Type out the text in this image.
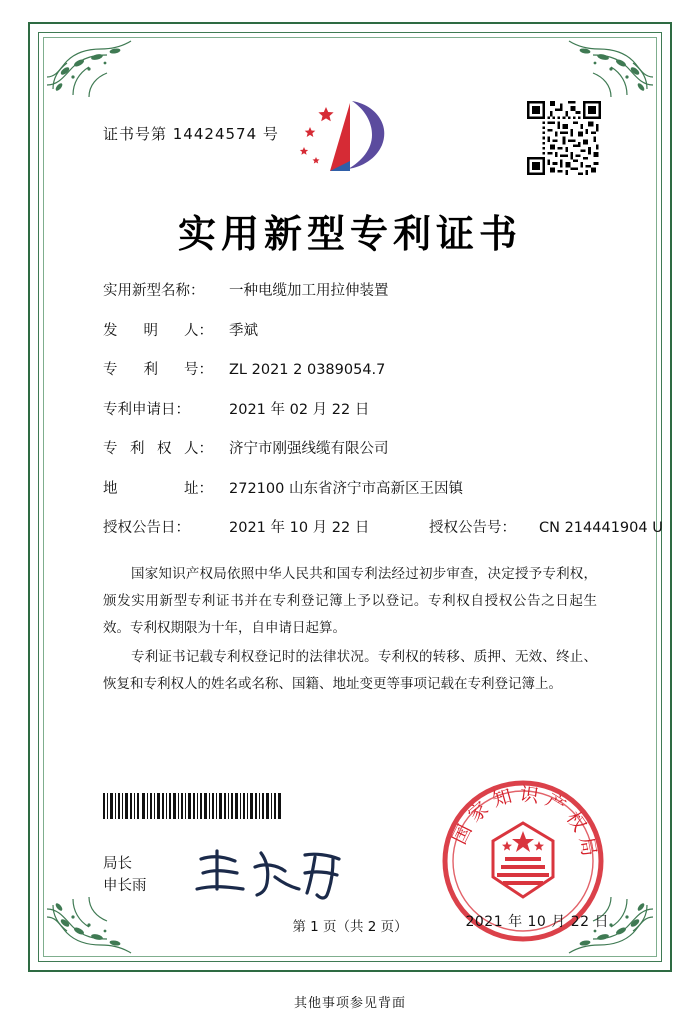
证书号第 14424574 号
实用新型专利证书
实用新型名称：	一种电缆加工用拉伸装置
发 明 人： 季斌
专 利 号： ZL 2021 2 0389054.7
专利申请日：	2021 年 02 月 22 日
专 利 权 人： 济宁市刚强线缆有限公司
地	址： 272100 山东省济宁市高新区王因镇
授权公告日：	2021 年 10 月 22 日	授权公告号：	CN 214441904 U

国家知识产权局依照中华人民共和国专利法经过初步审查，决定授予专利权，颁发实用新型专利证书并在专利登记簿上予以登记。专利权自授权公告之日起生效。专利权期限为十年，自申请日起算。

专利证书记载专利权登记时的法律状况。专利权的转移、质押、无效、终止、恢复和专利权人的姓名或名称、国籍、地址变更等事项记载在专利登记簿上。

局长
申长雨
国家知识产权局
2021 年 10 月 22 日
第 1 页（共 2 页）
其他事项参见背面
